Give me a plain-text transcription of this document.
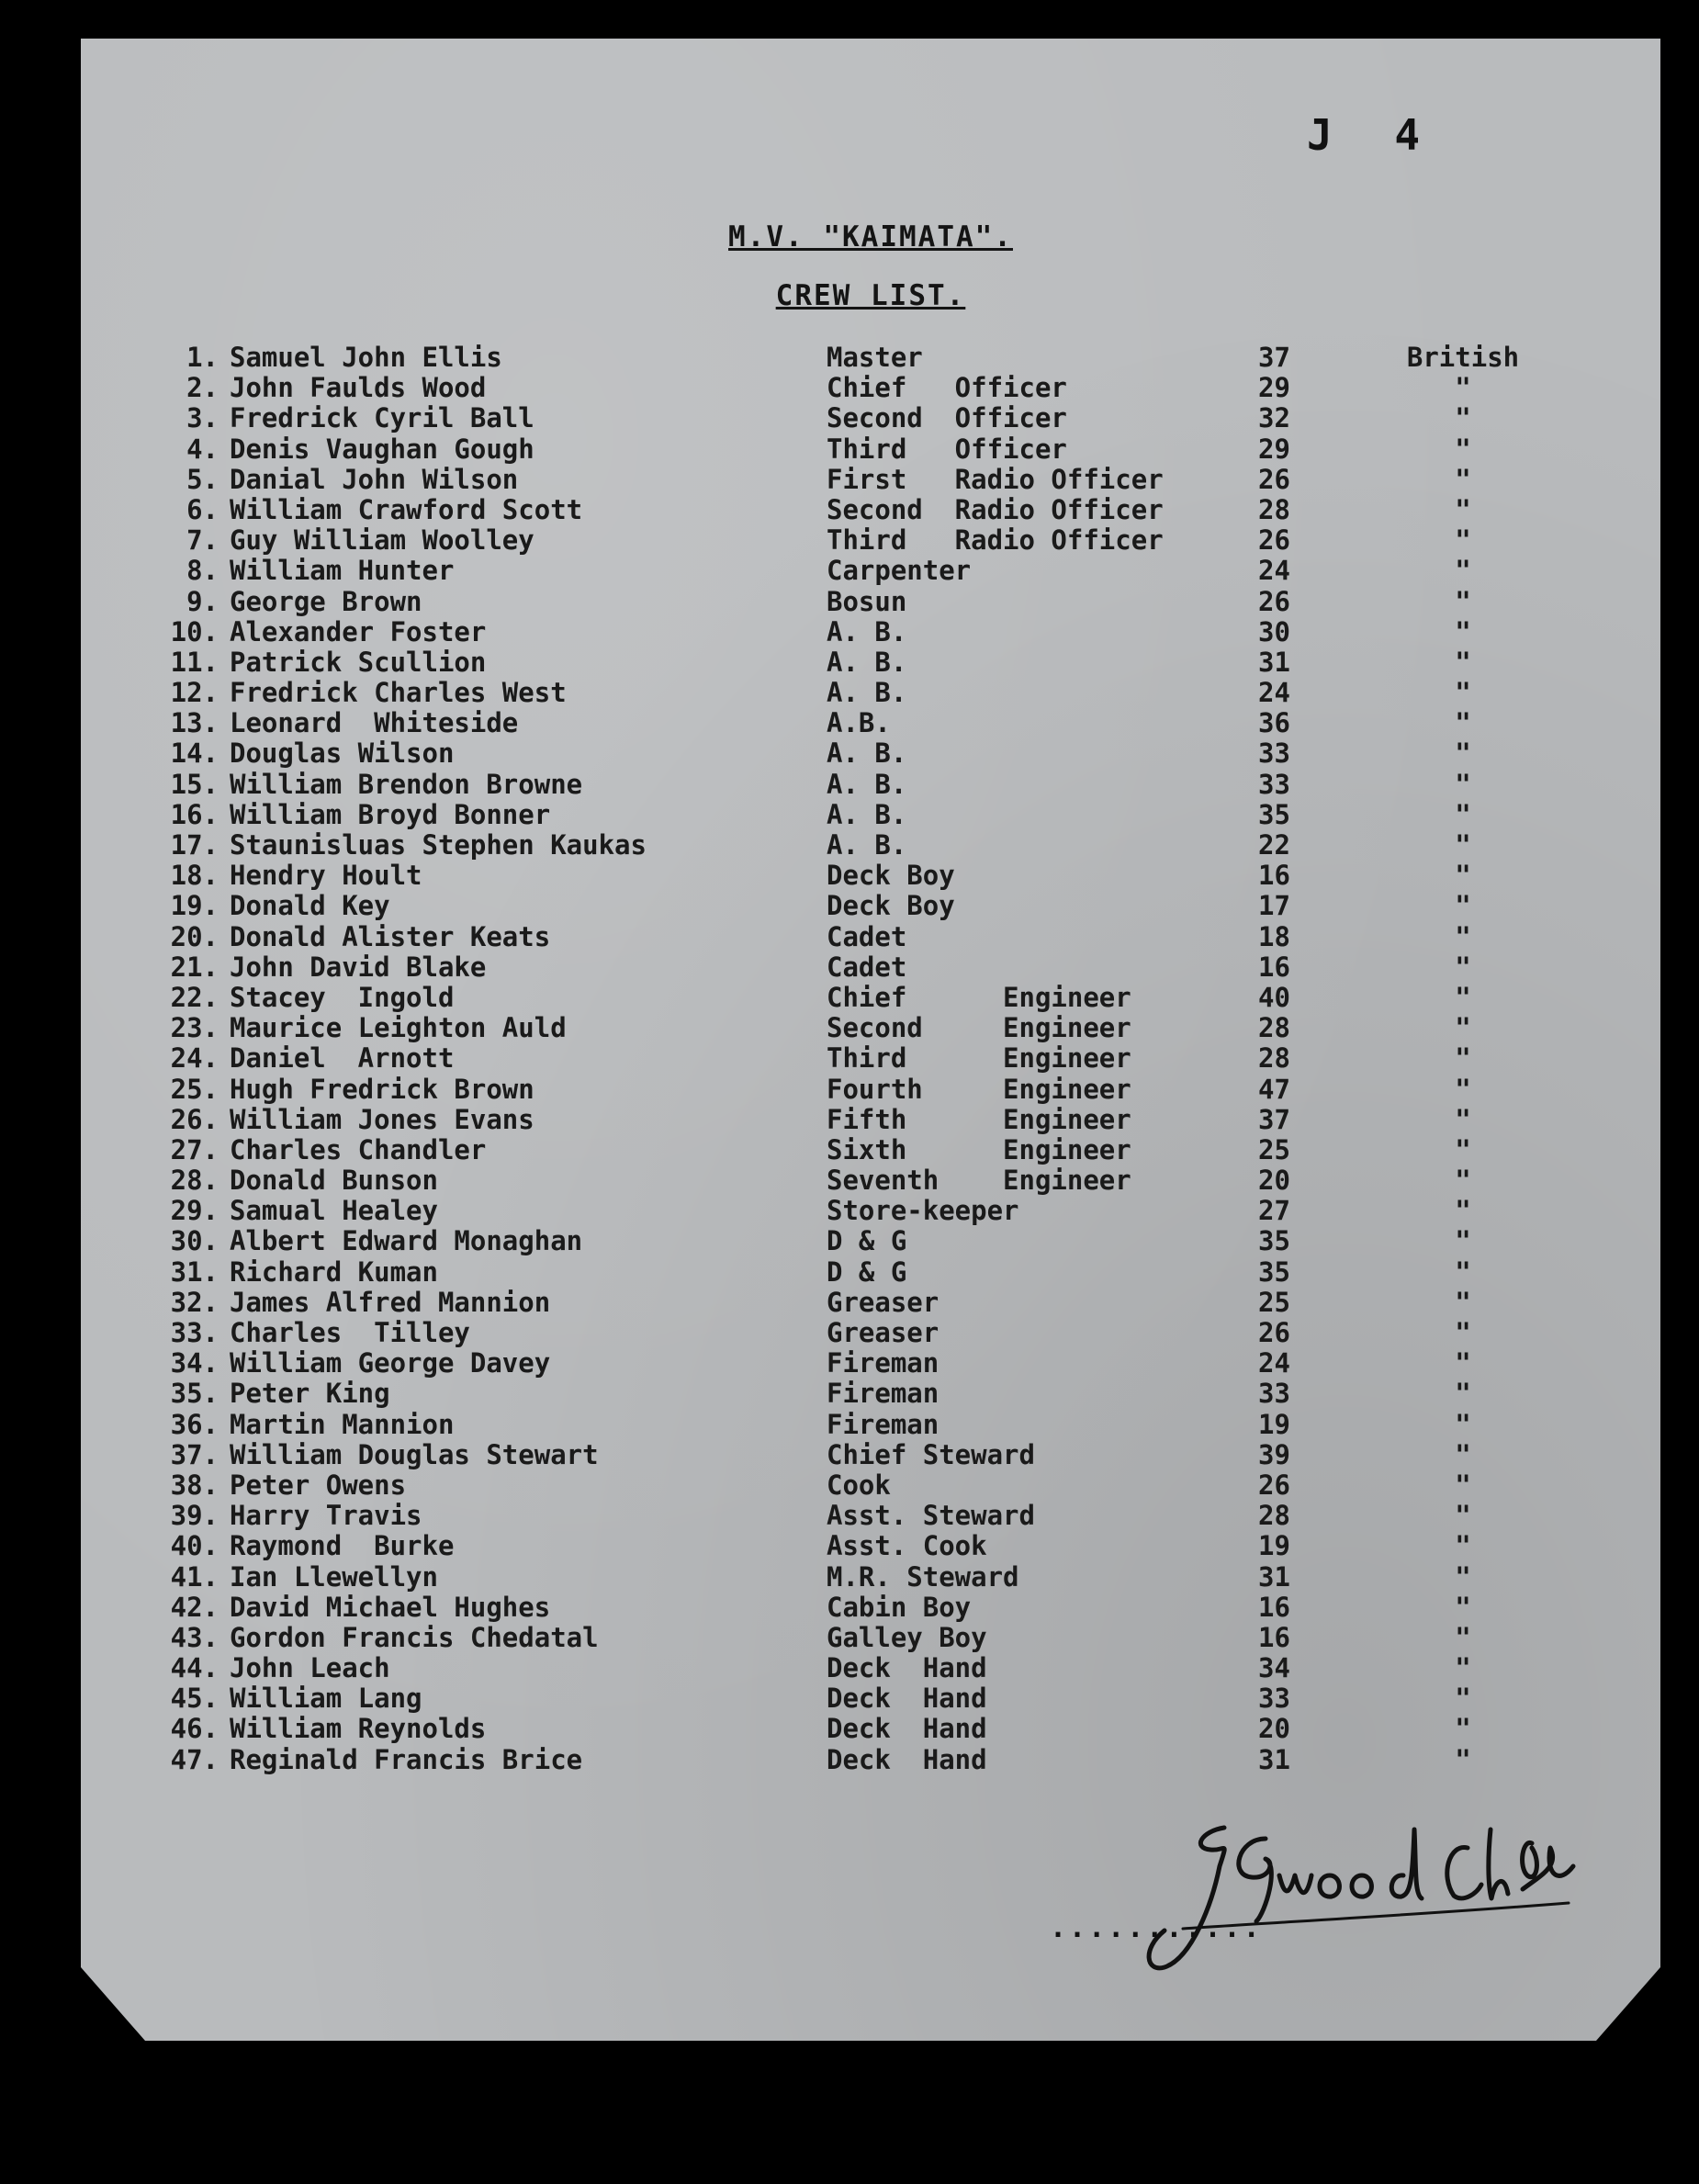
J 4
M.V. "KAIMATA".
CREW LIST.
1. Samuel John Ellis	Master	37	British
2. John Faulds Wood	Chief   Officer	29	"
3. Fredrick Cyril Ball	Second  Officer	32	"
4. Denis Vaughan Gough	Third   Officer	29	"
5. Danial John Wilson	First   Radio Officer	26	"
6. William Crawford Scott	Second  Radio Officer	28	"
7. Guy William Woolley	Third   Radio Officer	26	"
8. William Hunter	Carpenter	24	"
9. George Brown	Bosun	26	"
10. Alexander Foster	A. B.	30	"
11. Patrick Scullion	A. B.	31	"
12. Fredrick Charles West	A. B.	24	"
13. Leonard  Whiteside	A.B.	36	"
14. Douglas Wilson	A. B.	33	"
15. William Brendon Browne	A. B.	33	"
16. William Broyd Bonner	A. B.	35	"
17. Staunisluas Stephen Kaukas	A. B.	22	"
18. Hendry Hoult	Deck Boy	16	"
19. Donald Key	Deck Boy	17	"
20. Donald Alister Keats	Cadet	18	"
21. John David Blake	Cadet	16	"
22. Stacey  Ingold	Chief      Engineer	40	"
23. Maurice Leighton Auld	Second     Engineer	28	"
24. Daniel  Arnott	Third      Engineer	28	"
25. Hugh Fredrick Brown	Fourth     Engineer	47	"
26. William Jones Evans	Fifth      Engineer	37	"
27. Charles Chandler	Sixth      Engineer	25	"
28. Donald Bunson	Seventh    Engineer	20	"
29. Samual Healey	Store-keeper	27	"
30. Albert Edward Monaghan	D & G	35	"
31. Richard Kuman	D & G	35	"
32. James Alfred Mannion	Greaser	25	"
33. Charles  Tilley	Greaser	26	"
34. William George Davey	Fireman	24	"
35. Peter King	Fireman	33	"
36. Martin Mannion	Fireman	19	"
37. William Douglas Stewart	Chief Steward	39	"
38. Peter Owens	Cook	26	"
39. Harry Travis	Asst. Steward	28	"
40. Raymond  Burke	Asst. Cook	19	"
41. Ian Llewellyn	M.R. Steward	31	"
42. David Michael Hughes	Cabin Boy	16	"
43. Gordon Francis Chedatal	Galley Boy	16	"
44. John Leach	Deck  Hand	34	"
45. William Lang	Deck  Hand	33	"
46. William Reynolds	Deck  Hand	20	"
47. Reginald Francis Brice	Deck  Hand	31	"
...........
